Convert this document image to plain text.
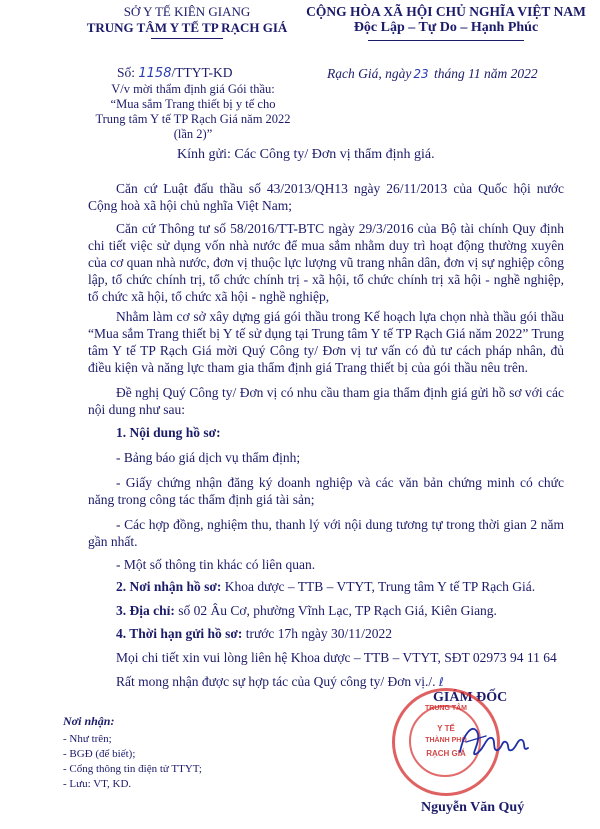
SỞ Y TẾ KIÊN GIANG
TRUNG TÂM Y TẾ TP RẠCH GIÁ
CỘNG HÒA XÃ HỘI CHỦ NGHĨA VIỆT NAM
Độc Lập – Tự Do – Hạnh Phúc
Số: 1158/TTYT-KD	Rạch Giá, ngày 23 tháng 11 năm 2022
V/v mời thẩm định giá Gói thầu:
“Mua sắm Trang thiết bị y tế cho
Trung tâm Y tế TP Rạch Giá năm 2022 (lần 2)”
Kính gửi: Các Công ty/ Đơn vị thẩm định giá.
Căn cứ Luật đấu thầu số 43/2013/QH13 ngày 26/11/2013 của Quốc hội nước Cộng hoà xã hội chủ nghĩa Việt Nam;
Căn cứ Thông tư số 58/2016/TT-BTC ngày 29/3/2016 của Bộ tài chính Quy định chi tiết việc sử dụng vốn nhà nước để mua sắm nhằm duy trì hoạt động thường xuyên của cơ quan nhà nước, đơn vị thuộc lực lượng vũ trang nhân dân, đơn vị sự nghiệp công lập, tổ chức chính trị, tổ chức chính trị - xã hội, tổ chức chính trị xã hội - nghề nghiệp, tổ chức xã hội, tổ chức xã hội - nghề nghiệp,
Nhằm làm cơ sở xây dựng giá gói thầu trong Kế hoạch lựa chọn nhà thầu gói thầu “Mua sắm Trang thiết bị Y tế sử dụng tại Trung tâm Y tế TP Rạch Giá năm 2022” Trung tâm Y tế TP Rạch Giá mời Quý Công ty/ Đơn vị tư vấn có đủ tư cách pháp nhân, đủ điều kiện và năng lực tham gia thẩm định giá Trang thiết bị của gói thầu nêu trên.
Đề nghị Quý Công ty/ Đơn vị có nhu cầu tham gia thẩm định giá gửi hồ sơ với các nội dung như sau:
1. Nội dung hồ sơ:
- Bảng báo giá dịch vụ thẩm định;
- Giấy chứng nhận đăng ký doanh nghiệp và các văn bản chứng minh có chức năng trong công tác thẩm định giá tài sản;
- Các hợp đồng, nghiệm thu, thanh lý với nội dung tương tự trong thời gian 2 năm gần nhất.
- Một số thông tin khác có liên quan.
2. Nơi nhận hồ sơ: Khoa dược – TTB – VTYT, Trung tâm Y tế TP Rạch Giá.
3. Địa chỉ: số 02 Âu Cơ, phường Vĩnh Lạc, TP Rạch Giá, Kiên Giang.
4. Thời hạn gửi hồ sơ: trước 17h ngày 30/11/2022
Mọi chi tiết xin vui lòng liên hệ Khoa dược – TTB – VTYT, SĐT 02973 94 11 64
Rất mong nhận được sự hợp tác của Quý công ty/ Đơn vị./. ℓ
Nơi nhận:
- Như trên;
- BGĐ (để biết);
- Cổng thông tin điện tử TTYT;
- Lưu: VT, KD.
GIÁM ĐỐC
TRUNG TÂM
Y TẾ
THÀNH PHỐ
RẠCH GIÁ
Nguyễn Văn Quý
